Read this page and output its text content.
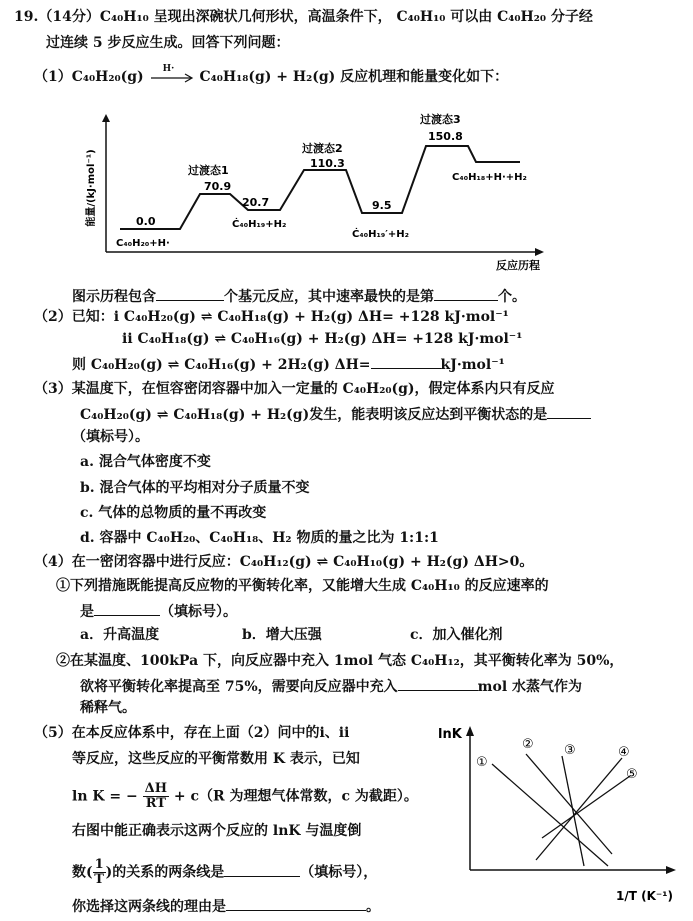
19.（14分）C₄₀H₁₀ 呈现出深碗状几何形状，高温条件下， C₄₀H₁₀ 可以由 C₄₀H₂₀ 分子经
过连续 5 步反应生成。回答下列问题：
（1）C₄₀H₂₀(g) H· C₄₀H₁₈(g) + H₂(g) 反应机理和能量变化如下：
能量/(kJ·mol⁻¹)
反应历程
0.0
C₄₀H₂₀+H·
过渡态1
70.9
20.7
Ċ₄₀H₁₉+H₂
过渡态2
110.3
9.5
Ċ₄₀H₁₉′+H₂
过渡态3
150.8
C₄₀H₁₈+H·+H₂
图示历程包含	个基元反应，其中速率最快的是第	个。
（2）已知：ⅰ C₄₀H₂₀(g) ⇌ C₄₀H₁₈(g) + H₂(g) ΔH= +128 kJ·mol⁻¹
ⅱ C₄₀H₁₈(g) ⇌ C₄₀H₁₆(g) + H₂(g) ΔH= +128 kJ·mol⁻¹
则 C₄₀H₂₀(g) ⇌ C₄₀H₁₆(g) + 2H₂(g) ΔH=	kJ·mol⁻¹
（3）某温度下，在恒容密闭容器中加入一定量的 C₄₀H₂₀(g)，假定体系内只有反应
C₄₀H₂₀(g) ⇌ C₄₀H₁₈(g) + H₂(g)发生，能表明该反应达到平衡状态的是
（填标号）。
a. 混合气体密度不变
b. 混合气体的平均相对分子质量不变
c. 气体的总物质的量不再改变
d. 容器中 C₄₀H₂₀、C₄₀H₁₈、H₂ 物质的量之比为 1:1:1
（4）在一密闭容器中进行反应：C₄₀H₁₂(g) ⇌ C₄₀H₁₀(g) + H₂(g) ΔH>0。
①下列措施既能提高反应物的平衡转化率，又能增大生成 C₄₀H₁₀ 的反应速率的
是	（填标号）。
a．升高温度	b．增大压强	c．加入催化剂
②在某温度、100kPa 下，向反应器中充入 1mol 气态 C₄₀H₁₂，其平衡转化率为 50%，
欲将平衡转化率提高至 75%，需要向反应器中充入	mol 水蒸气作为
稀释气。
（5）在本反应体系中，存在上面（2）问中的ⅰ、ⅱ
等反应，这些反应的平衡常数用 K 表示，已知
ln K = − $\frac{\Delta H}{RT} + c(R$ 为理想气体常数，c 为截距）。
右图中能正确表示这两个反应的 lnK 与温度倒
数( $\frac{1}{T}$ )的关系的两条线是	（填标号），
你选择这两条线的理由是	。
lnK
1/T (K⁻¹)
①
② ③	④
⑤
